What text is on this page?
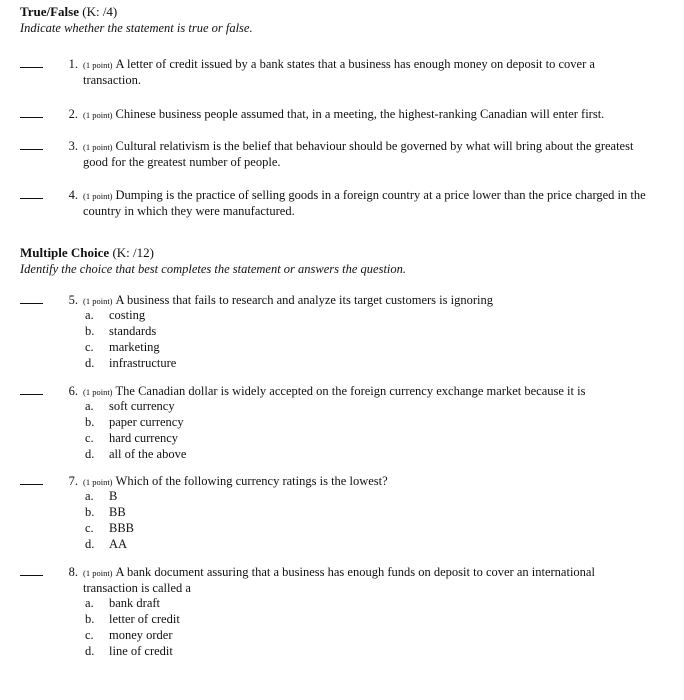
True/False (K: /4)
Indicate whether the statement is true or false.
1. (1 point) A letter of credit issued by a bank states that a business has enough money on deposit to cover a transaction.
2. (1 point) Chinese business people assumed that, in a meeting, the highest-ranking Canadian will enter first.
3. (1 point) Cultural relativism is the belief that behaviour should be governed by what will bring about the greatest good for the greatest number of people.
4. (1 point) Dumping is the practice of selling goods in a foreign country at a price lower than the price charged in the country in which they were manufactured.
Multiple Choice (K: /12)
Identify the choice that best completes the statement or answers the question.
5. (1 point) A business that fails to research and analyze its target customers is ignoring
a.	costing
b.	standards
c.	marketing
d.	infrastructure
6. (1 point) The Canadian dollar is widely accepted on the foreign currency exchange market because it is
a.	soft currency
b.	paper currency
c.	hard currency
d.	all of the above
7. (1 point) Which of the following currency ratings is the lowest?
a.	B
b.	BB
c.	BBB
d.	AA
8. (1 point) A bank document assuring that a business has enough funds on deposit to cover an international transaction is called a
a.	bank draft
b.	letter of credit
c.	money order
d.	line of credit
